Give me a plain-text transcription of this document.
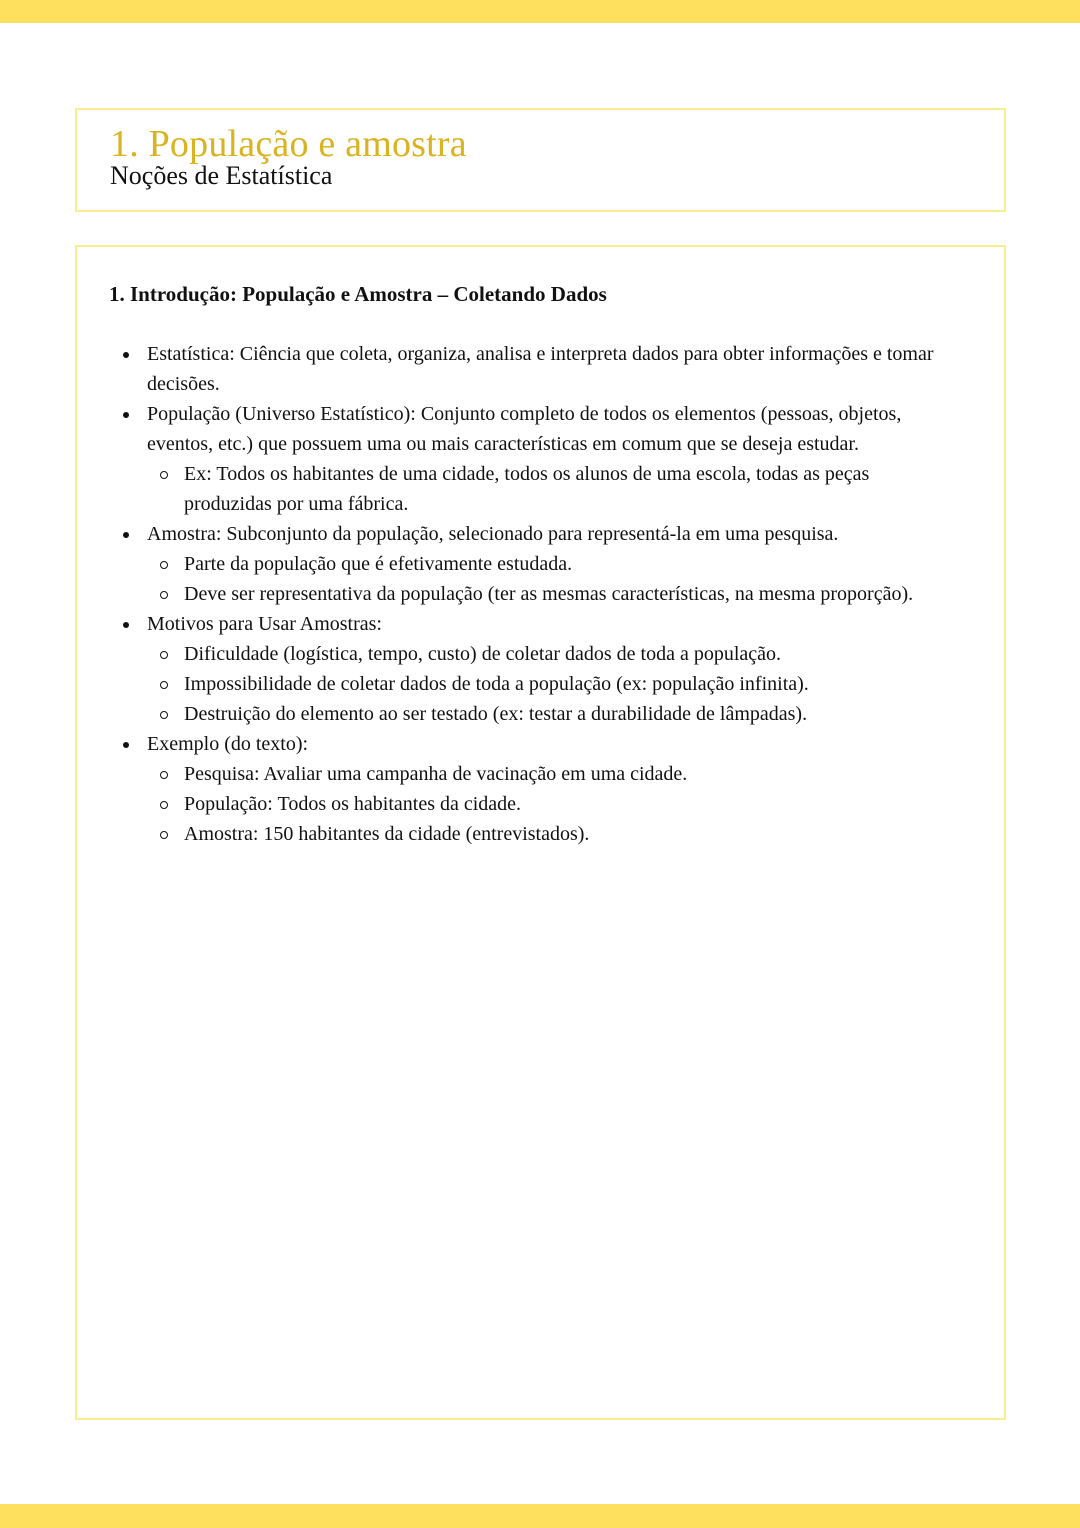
1. População e amostra
Noções de Estatística
1. Introdução: População e Amostra – Coletando Dados
Estatística: Ciência que coleta, organiza, analisa e interpreta dados para obter informações e tomar decisões.
População (Universo Estatístico): Conjunto completo de todos os elementos (pessoas, objetos, eventos, etc.) que possuem uma ou mais características em comum que se deseja estudar.
Ex: Todos os habitantes de uma cidade, todos os alunos de uma escola, todas as peças produzidas por uma fábrica.
Amostra: Subconjunto da população, selecionado para representá-la em uma pesquisa.
Parte da população que é efetivamente estudada.
Deve ser representativa da população (ter as mesmas características, na mesma proporção).
Motivos para Usar Amostras:
Dificuldade (logística, tempo, custo) de coletar dados de toda a população.
Impossibilidade de coletar dados de toda a população (ex: população infinita).
Destruição do elemento ao ser testado (ex: testar a durabilidade de lâmpadas).
Exemplo (do texto):
Pesquisa: Avaliar uma campanha de vacinação em uma cidade.
População: Todos os habitantes da cidade.
Amostra: 150 habitantes da cidade (entrevistados).
